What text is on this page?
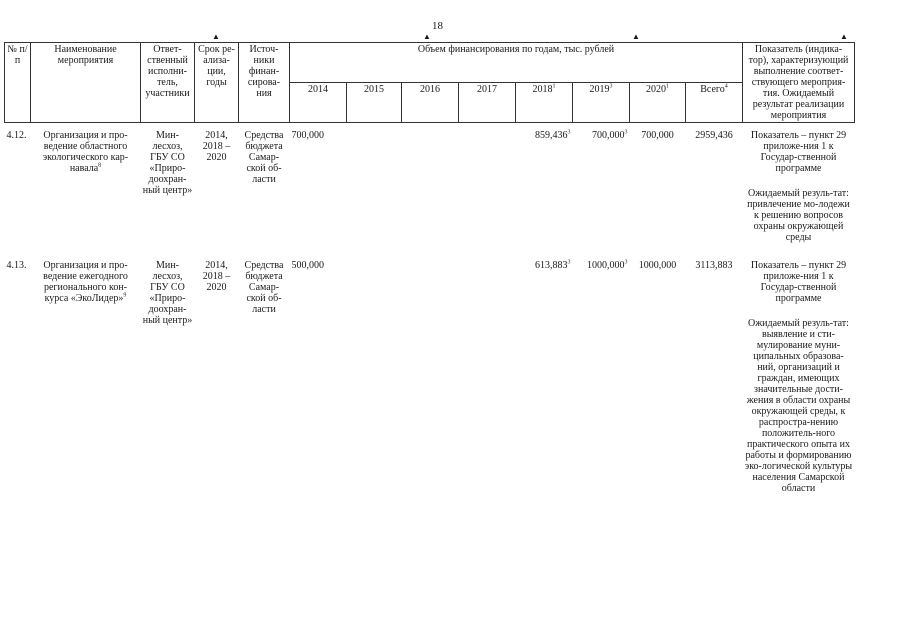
18
▲	▲	▲	▲
№ п/п	Наименование мероприятия	Ответ-ственный исполни-тель, участники	Срок ре-ализа-ции, годы	Источ-ники финан-сирова-ния	Объем финансирования по годам, тыс. рублей								Показатель (индика-тор), характеризующий выполнение соответ-ствующего мероприя-тия. Ожидаемый результат реализации мероприятия
					2014	2015	2016	2017	2018$^1$	2019$^3$	2020$^1$	Всего$^4$

4.12.	Организация и про-ведение областного экологического кар-навала$^8$	Мин-лесхоз, ГБУ СО «Приро-доохран-ный центр»	2014, 2018 – 2020	Средства бюджета Самар-ской об-ласти	700,000				859,436$^3$	700,000$^3$	700,000	2959,436	Показатель – пункт 29 приложе-ния 1 к Государ-ственной программе
Ожидаемый резуль-тат: привлечение мо-лодежи к решению вопросов охраны окружающей среды

4.13.	Организация и про-ведение ежегодного регионального кон-курса «ЭкоЛидер»$^9$	Мин-лесхоз, ГБУ СО «Приро-доохран-ный центр»	2014, 2018 – 2020	Средства бюджета Самар-ской об-ласти	500,000				613,883$^3$	1000,000$^3$	1000,000	3113,883	Показатель – пункт 29 приложе-ния 1 к Государ-ственной программе
Ожидаемый резуль-тат: выявление и сти-мулирование муни-ципальных образова-ний, организаций и граждан, имеющих значительные дости-жения в области охраны окружающей среды, к распростра-нению положитель-ного практического опыта их работы и формированию эко-логической культуры населения Самарской области
